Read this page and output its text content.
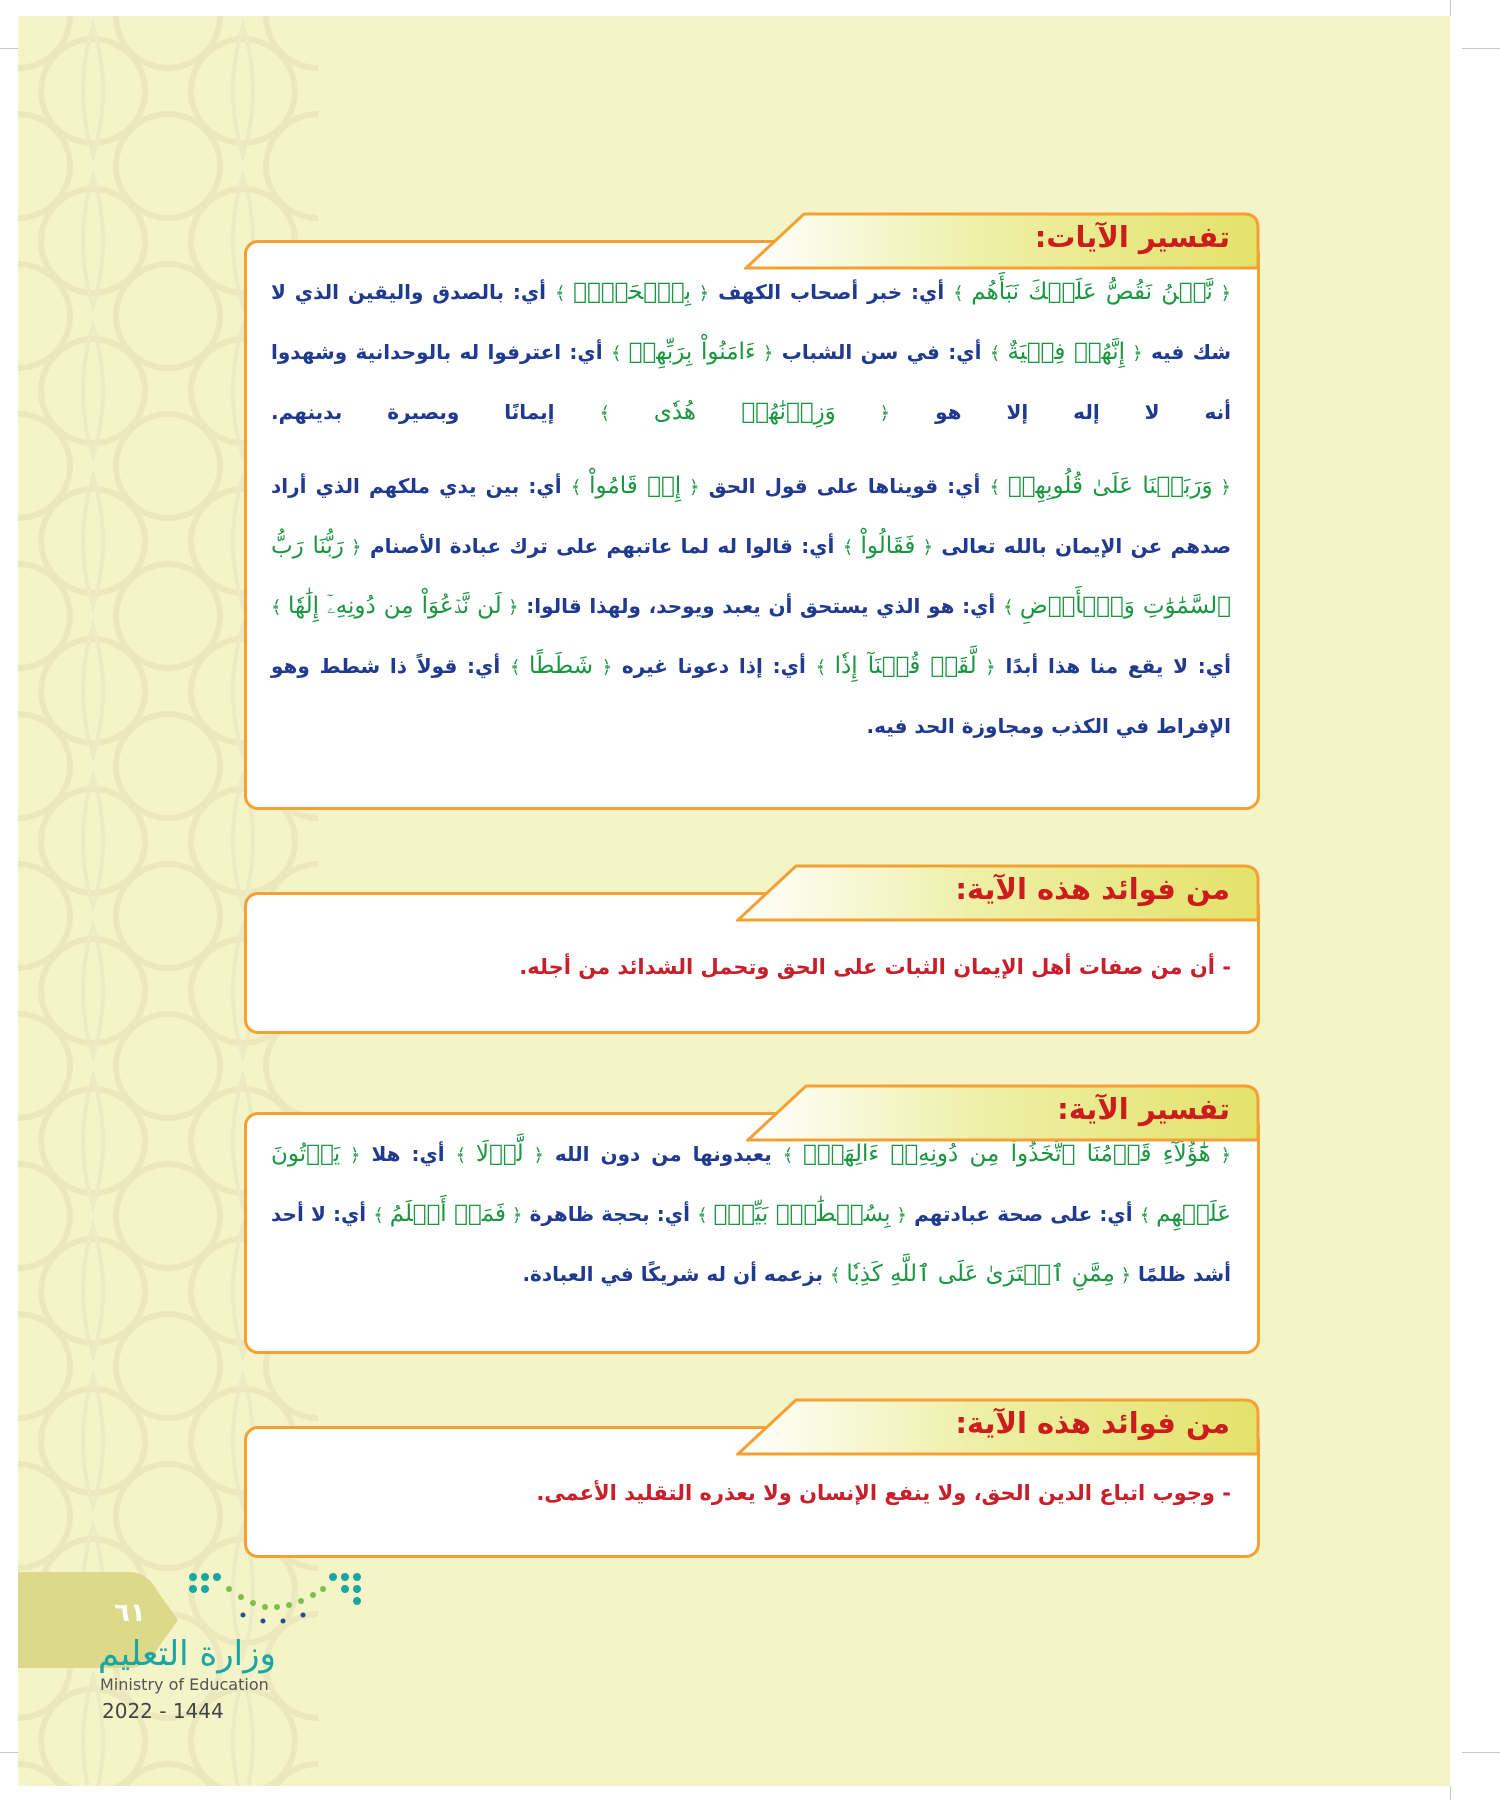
﴿ نَّحۡنُ نَقُصُّ عَلَيۡكَ نَبَأَهُم ﴾ أي: خبر أصحاب الكهف ﴿ بِٱلۡحَقِّۚ ﴾ أي: بالصدق واليقين الذي لا شك فيه ﴿ إِنَّهُمۡ فِتۡيَةٌ ﴾ أي: في سن الشباب ﴿ ءَامَنُواْ بِرَبِّهِمۡ ﴾ أي: اعترفوا له بالوحدانية وشهدوا أنه لا إله إلا هو ﴿ وَزِدۡنَٰهُمۡ هُدٗى ﴾ إيمانًا وبصيرة بدينهم.
﴿ وَرَبَطۡنَا عَلَىٰ قُلُوبِهِمۡ ﴾ أي: قويناها على قول الحق ﴿ إِذۡ قَامُواْ ﴾ أي: بين يدي ملكهم الذي أراد صدهم عن الإيمان بالله تعالى ﴿ فَقَالُواْ ﴾ أي: قالوا له لما عاتبهم على ترك عبادة الأصنام ﴿ رَبُّنَا رَبُّ ٱلسَّمَٰوَٰتِ وَٱلۡأَرۡضِ ﴾ أي: هو الذي يستحق أن يعبد ويوحد، ولهذا قالوا: ﴿ لَن نَّدۡعُوَاْ مِن دُونِهِۦٓ إِلَٰهٗا ﴾ أي: لا يقع منا هذا أبدًا ﴿ لَّقَدۡ قُلۡنَآ إِذٗا ﴾ أي: إذا دعونا غيره ﴿ شَطَطًا ﴾ أي: قولاً ذا شطط وهو الإفراط في الكذب ومجاوزة الحد فيه.
تفسير الآيات:
- أن من صفات أهل الإيمان الثبات على الحق وتحمل الشدائد من أجله.
من فوائد هذه الآية:
﴿ هَٰٓؤُلَآءِ قَوۡمُنَا ٱتَّخَذُواْ مِن دُونِهِۦٓ ءَالِهَةٗۖ ﴾ يعبدونها من دون الله ﴿ لَّوۡلَا ﴾ أي: هلا ﴿ يَأۡتُونَ عَلَيۡهِم ﴾ أي: على صحة عبادتهم ﴿ بِسُلۡطَٰنِۭ بَيِّنٖۖ ﴾ أي: بحجة ظاهرة ﴿ فَمَنۡ أَظۡلَمُ ﴾ أي: لا أحد أشد ظلمًا ﴿ مِمَّنِ ٱفۡتَرَىٰ عَلَى ٱللَّهِ كَذِبٗا ﴾ بزعمه أن له شريكًا في العبادة.
تفسير الآية:
- وجوب اتباع الدين الحق، ولا ينفع الإنسان ولا يعذره التقليد الأعمى.
من فوائد هذه الآية:
٦١
وزارة التعليم
Ministry of Education
2022 - 1444
